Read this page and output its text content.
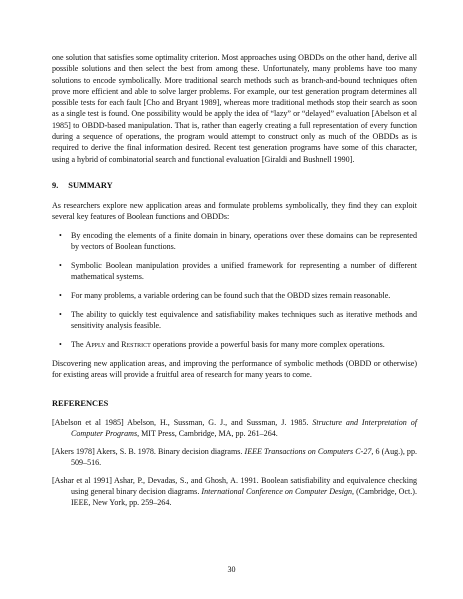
one solution that satisfies some optimality criterion. Most approaches using OBDDs on the other hand, derive all possible solutions and then select the best from among these. Unfortunately, many problems have too many solutions to encode symbolically. More traditional search methods such as branch-and-bound techniques often prove more efficient and able to solve larger problems. For example, our test generation program determines all possible tests for each fault [Cho and Bryant 1989], whereas more traditional methods stop their search as soon as a single test is found. One possibility would be apply the idea of “lazy” or “delayed” evaluation [Abelson et al 1985] to OBDD-based manipulation. That is, rather than eagerly creating a full representation of every function during a sequence of operations, the program would attempt to construct only as much of the OBDDs as is required to derive the final information desired. Recent test generation programs have some of this character, using a hybrid of combinatorial search and functional evaluation [Giraldi and Bushnell 1990].

9. SUMMARY

As researchers explore new application areas and formulate problems symbolically, they find they can exploit several key features of Boolean functions and OBDDs:

• By encoding the elements of a finite domain in binary, operations over these domains can be represented by vectors of Boolean functions.
• Symbolic Boolean manipulation provides a unified framework for representing a number of different mathematical systems.
• For many problems, a variable ordering can be found such that the OBDD sizes remain reasonable.
• The ability to quickly test equivalence and satisfiability makes techniques such as iterative methods and sensitivity analysis feasible.
• The Apply and Restrict operations provide a powerful basis for many more complex operations.

Discovering new application areas, and improving the performance of symbolic methods (OBDD or otherwise) for existing areas will provide a fruitful area of research for many years to come.

REFERENCES

[Abelson et al 1985] Abelson, H., Sussman, G. J., and Sussman, J. 1985. Structure and Interpretation of Computer Programs, MIT Press, Cambridge, MA, pp. 261–264.

[Akers 1978] Akers, S. B. 1978. Binary decision diagrams. IEEE Transactions on Computers C-27, 6 (Aug.), pp. 509–516.

[Ashar et al 1991] Ashar, P., Devadas, S., and Ghosh, A. 1991. Boolean satisfiability and equivalence checking using general binary decision diagrams. International Conference on Computer Design, (Cambridge, Oct.). IEEE, New York, pp. 259–264.

30
